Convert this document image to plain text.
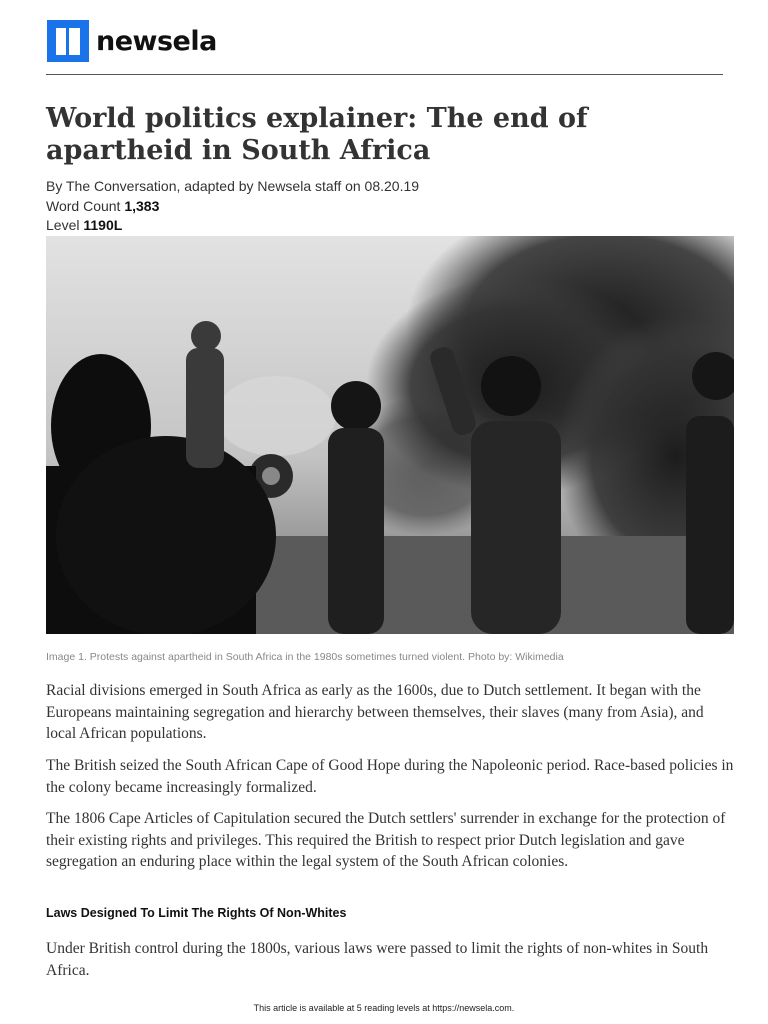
newsela
World politics explainer: The end of apartheid in South Africa
By The Conversation, adapted by Newsela staff on 08.20.19
Word Count 1,383
Level 1190L
Image 1. Protests against apartheid in South Africa in the 1980s sometimes turned violent. Photo by: Wikimedia

Racial divisions emerged in South Africa as early as the 1600s, due to Dutch settlement. It began with the Europeans maintaining segregation and hierarchy between themselves, their slaves (many from Asia), and local African populations.

The British seized the South African Cape of Good Hope during the Napoleonic period. Race-based policies in the colony became increasingly formalized.

The 1806 Cape Articles of Capitulation secured the Dutch settlers' surrender in exchange for the protection of their existing rights and privileges. This required the British to respect prior Dutch legislation and gave segregation an enduring place within the legal system of the South African colonies.

Laws Designed To Limit The Rights Of Non-Whites

Under British control during the 1800s, various laws were passed to limit the rights of non-whites in South Africa.

This article is available at 5 reading levels at https://newsela.com.
